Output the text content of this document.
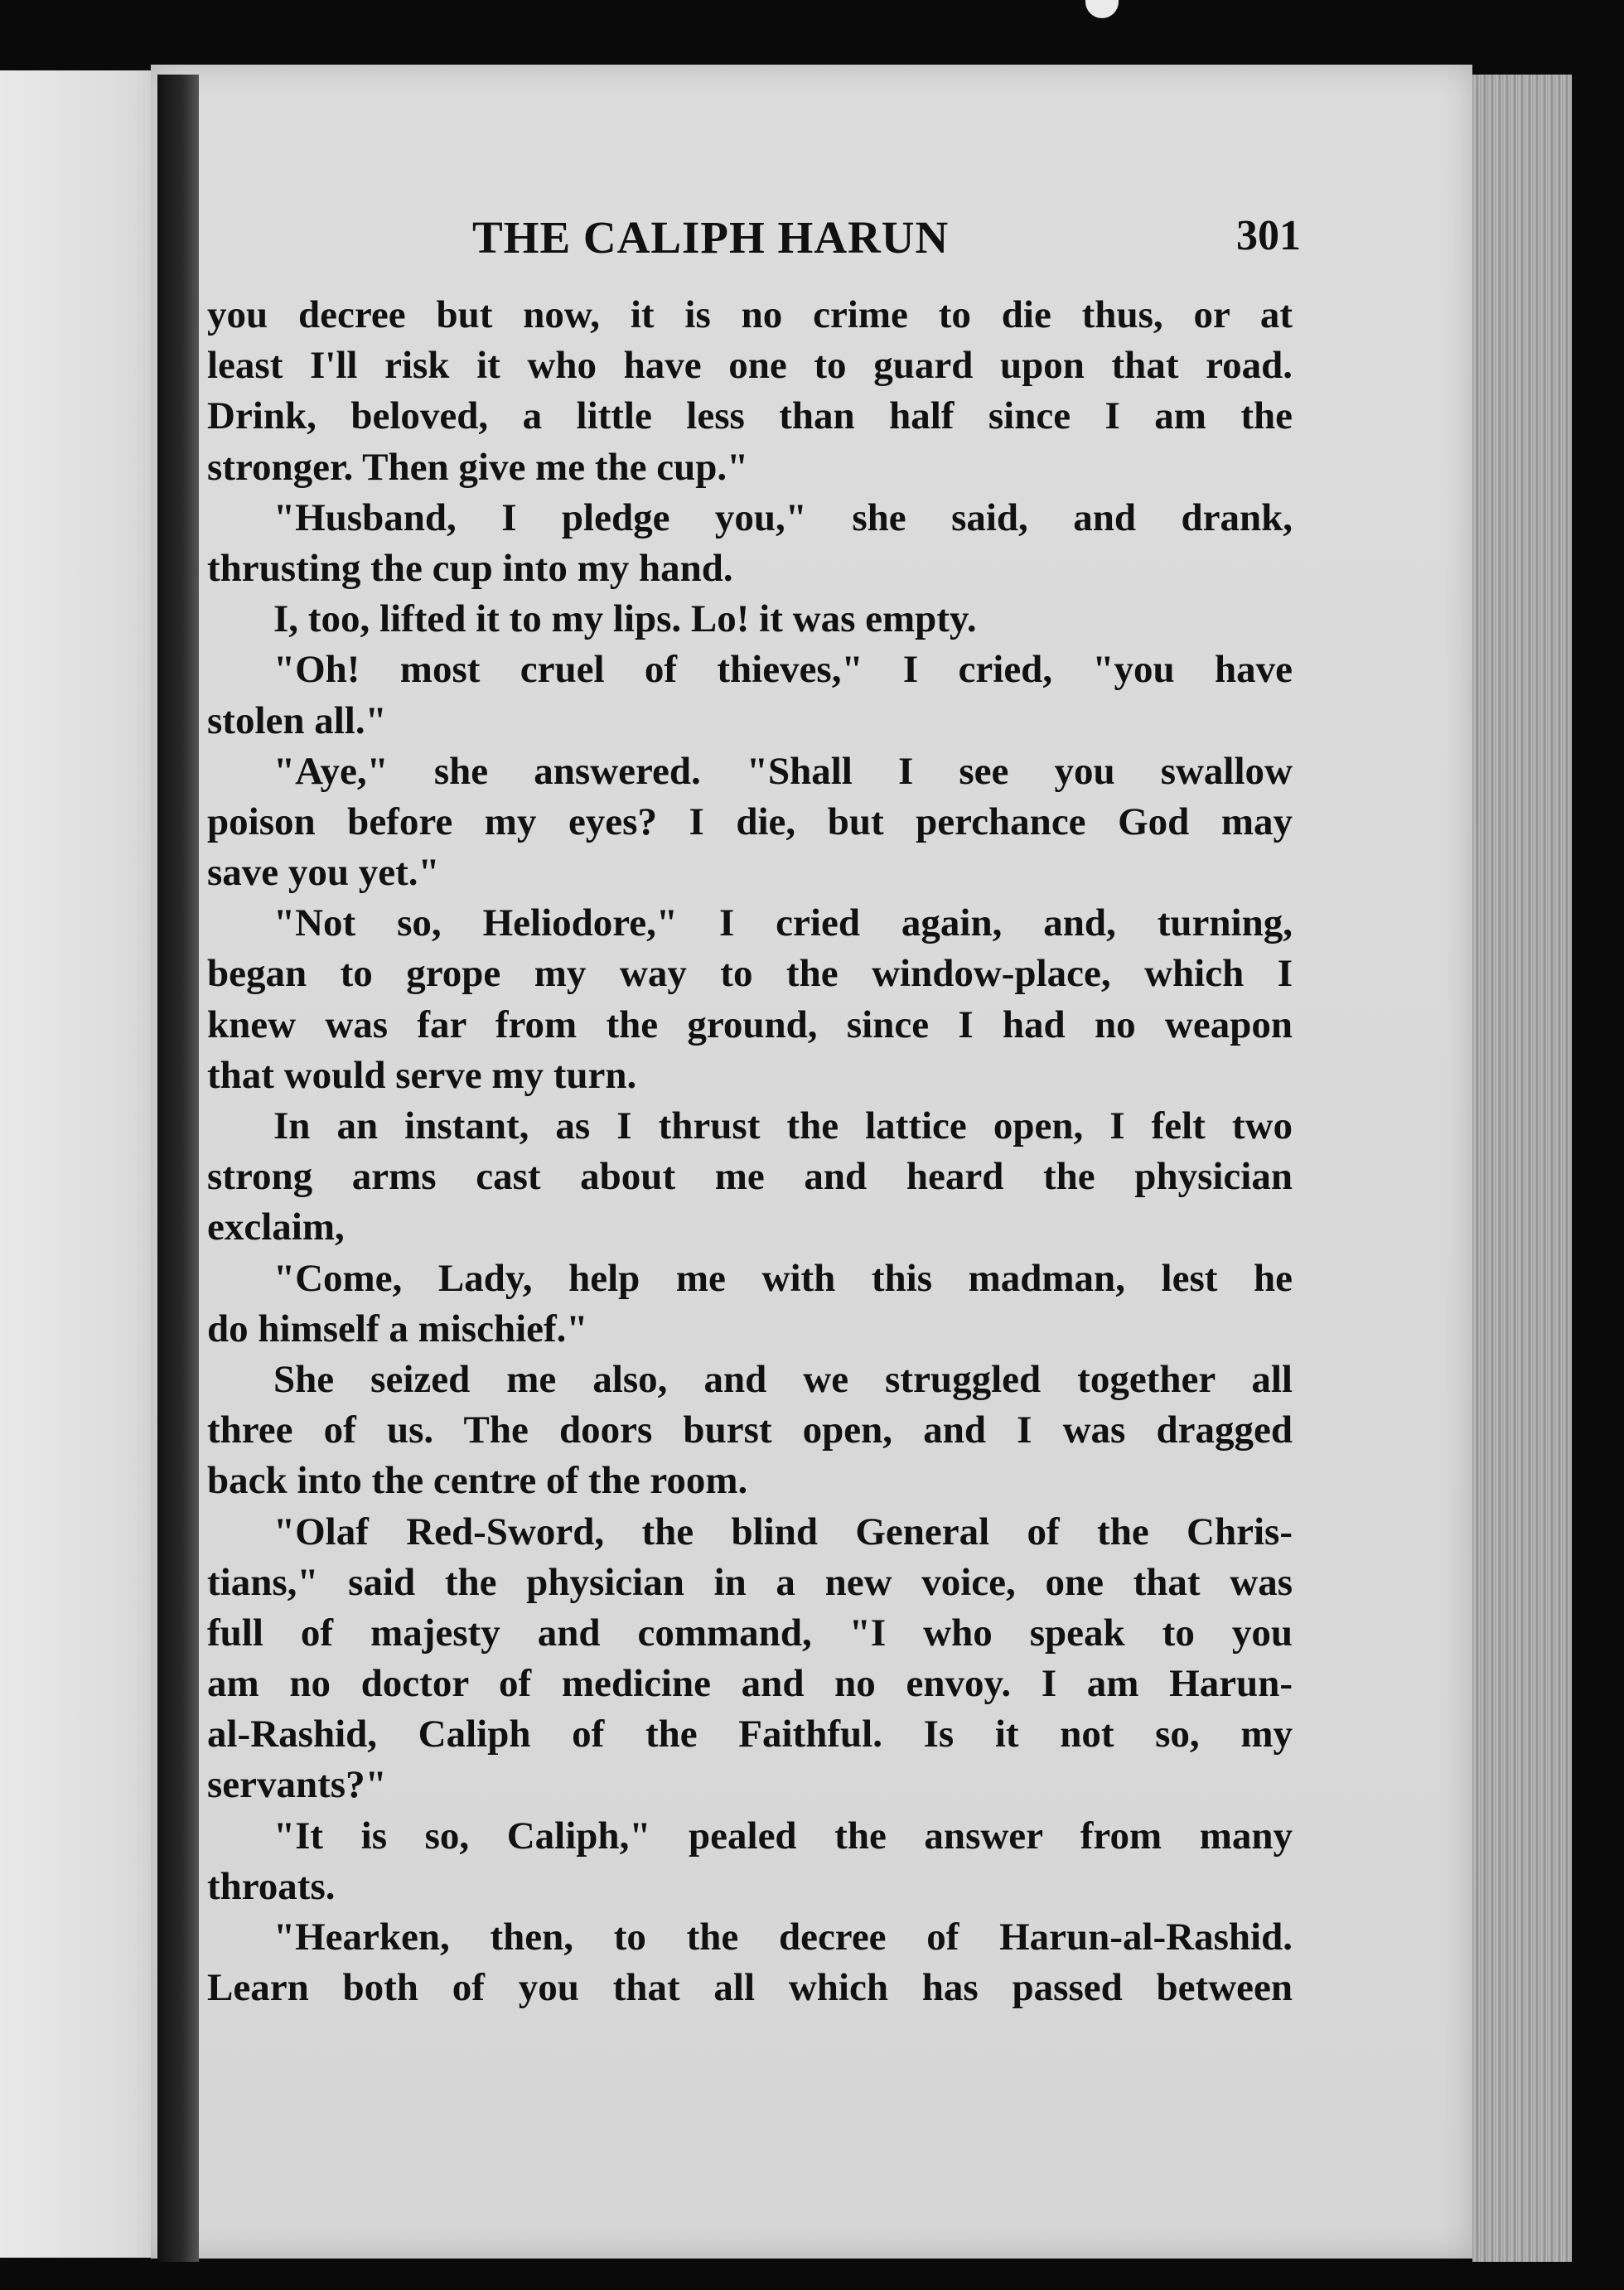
THE CALIPH HARUN	301
you decree but now, it is no crime to die thus, or at
least I'll risk it who have one to guard upon that road.
Drink, beloved, a little less than half since I am the
stronger. Then give me the cup."
"Husband, I pledge you," she said, and drank,
thrusting the cup into my hand.
I, too, lifted it to my lips. Lo! it was empty.
"Oh! most cruel of thieves," I cried, "you have
stolen all."
"Aye," she answered. "Shall I see you swallow
poison before my eyes? I die, but perchance God may
save you yet."
"Not so, Heliodore," I cried again, and, turning,
began to grope my way to the window-place, which I
knew was far from the ground, since I had no weapon
that would serve my turn.
In an instant, as I thrust the lattice open, I felt two
strong arms cast about me and heard the physician
exclaim,
"Come, Lady, help me with this madman, lest he
do himself a mischief."
She seized me also, and we struggled together all
three of us. The doors burst open, and I was dragged
back into the centre of the room.
"Olaf Red-Sword, the blind General of the Chris-
tians," said the physician in a new voice, one that was
full of majesty and command, "I who speak to you
am no doctor of medicine and no envoy. I am Harun-
al-Rashid, Caliph of the Faithful. Is it not so, my
servants?"
"It is so, Caliph," pealed the answer from many
throats.
"Hearken, then, to the decree of Harun-al-Rashid.
Learn both of you that all which has passed between
